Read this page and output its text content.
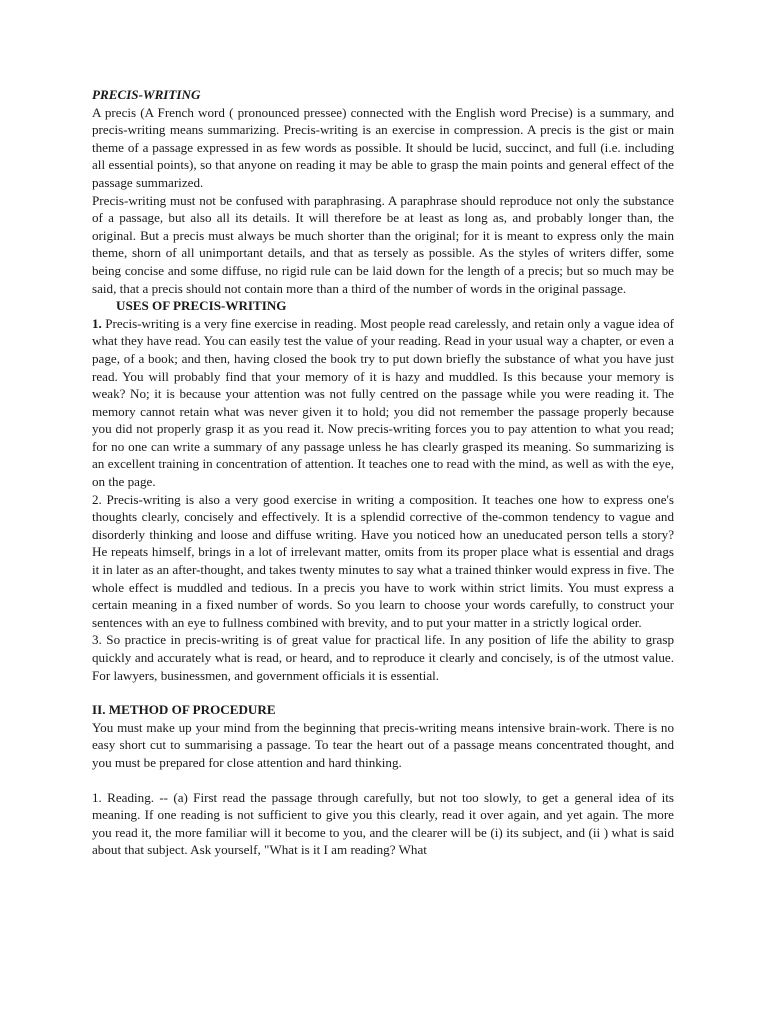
PRECIS-WRITING

A precis (A French word ( pronounced pressee) connected with the English word Precise) is a summary, and precis-writing means summarizing. Precis-writing is an exercise in compression. A precis is the gist or main theme of a passage expressed in as few words as possible. It should be lucid, succinct, and full (i.e. including all essential points), so that anyone on reading it may be able to grasp the main points and general effect of the passage summarized.

Precis-writing must not be confused with paraphrasing. A paraphrase should reproduce not only the substance of a passage, but also all its details. It will therefore be at least as long as, and probably longer than, the original. But a precis must always be much shorter than the original; for it is meant to express only the main theme, shorn of all unimportant details, and that as tersely as possible. As the styles of writers differ, some being concise and some diffuse, no rigid rule can be laid down for the length of a precis; but so much may be said, that a precis should not contain more than a third of the number of words in the original passage.

USES OF PRECIS-WRITING

1. Precis-writing is a very fine exercise in reading. Most people read carelessly, and retain only a vague idea of what they have read. You can easily test the value of your reading. Read in your usual way a chapter, or even a page, of a book; and then, having closed the book try to put down briefly the substance of what you have just read. You will probably find that your memory of it is hazy and muddled. Is this because your memory is weak? No; it is because your attention was not fully centred on the passage while you were reading it. The memory cannot retain what was never given it to hold; you did not remember the passage properly because you did not properly grasp it as you read it. Now precis-writing forces you to pay attention to what you read; for no one can write a summary of any passage unless he has clearly grasped its meaning. So summarizing is an excellent training in concentration of attention. It teaches one to read with the mind, as well as with the eye, on the page.

2. Precis-writing is also a very good exercise in writing a composition. It teaches one how to express one's thoughts clearly, concisely and effectively. It is a splendid corrective of the-common tendency to vague and disorderly thinking and loose and diffuse writing. Have you noticed how an uneducated person tells a story? He repeats himself, brings in a lot of irrelevant matter, omits from its proper place what is essential and drags it in later as an after-thought, and takes twenty minutes to say what a trained thinker would express in five. The whole effect is muddled and tedious. In a precis you have to work within strict limits. You must express a certain meaning in a fixed number of words. So you learn to choose your words carefully, to construct your sentences with an eye to fullness combined with brevity, and to put your matter in a strictly logical order.

3. So practice in precis-writing is of great value for practical life. In any position of life the ability to grasp quickly and accurately what is read, or heard, and to reproduce it clearly and concisely, is of the utmost value. For lawyers, businessmen, and government officials it is essential.

II. METHOD OF PROCEDURE

You must make up your mind from the beginning that precis-writing means intensive brain-work. There is no easy short cut to summarising a passage. To tear the heart out of a passage means concentrated thought, and you must be prepared for close attention and hard thinking.

1. Reading. -- (a) First read the passage through carefully, but not too slowly, to get a general idea of its meaning. If one reading is not sufficient to give you this clearly, read it over again, and yet again. The more you read it, the more familiar will it become to you, and the clearer will be (i) its subject, and (ii ) what is said about that subject. Ask yourself, "What is it I am reading? What
